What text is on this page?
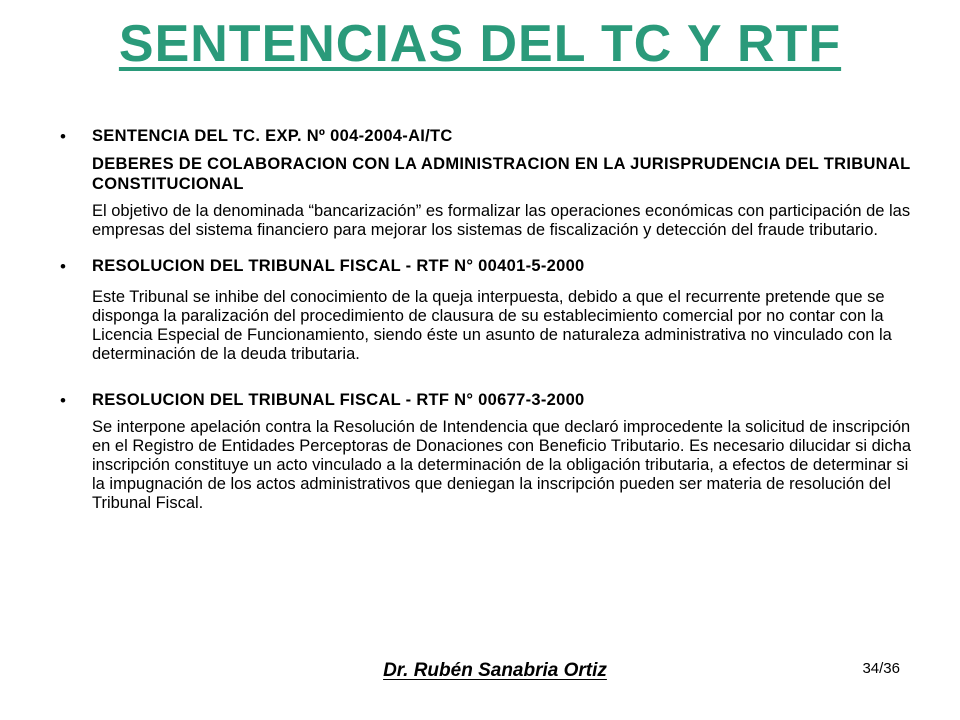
SENTENCIAS DEL TC Y RTF
• SENTENCIA DEL TC. EXP. Nº 004-2004-AI/TC

DEBERES DE COLABORACION CON LA ADMINISTRACION EN LA JURISPRUDENCIA DEL TRIBUNAL CONSTITUCIONAL

El objetivo de la denominada “bancarización” es formalizar las operaciones económicas con participación de las empresas del sistema financiero para mejorar los sistemas de fiscalización y detección del fraude tributario.

• RESOLUCION DEL TRIBUNAL FISCAL - RTF N° 00401-5-2000

Este Tribunal se inhibe del conocimiento de la queja interpuesta, debido a que el recurrente pretende que se disponga la paralización del procedimiento de clausura de su establecimiento comercial por no contar con la Licencia Especial de Funcionamiento, siendo éste un asunto de naturaleza administrativa no vinculado con la determinación de la deuda tributaria.

• RESOLUCION DEL TRIBUNAL FISCAL - RTF N° 00677-3-2000

Se interpone apelación contra la Resolución de Intendencia que declaró improcedente la solicitud de inscripción en el Registro de Entidades Perceptoras de Donaciones con Beneficio Tributario. Es necesario dilucidar si dicha inscripción constituye un acto vinculado a la determinación de la obligación tributaria, a efectos de determinar si la impugnación de los actos administrativos que deniegan la inscripción pueden ser materia de resolución del Tribunal Fiscal.

Dr. Rubén Sanabria Ortiz	34/36
